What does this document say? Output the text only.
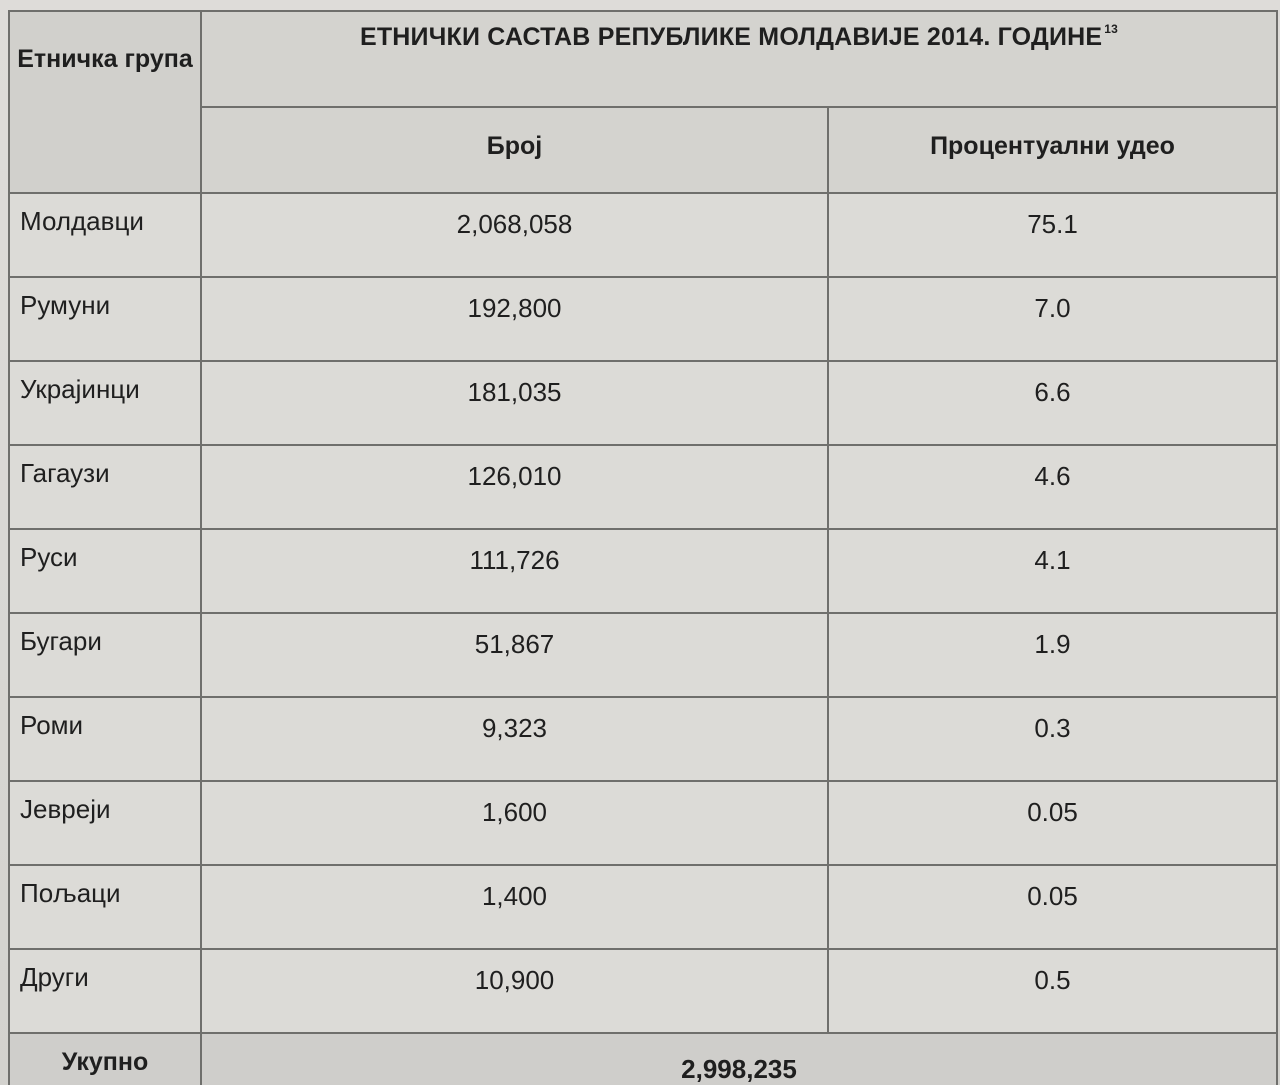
Етничка група	ЕТНИЧКИ САСТАВ РЕПУБЛИКЕ МОЛДАВИЈЕ 2014. ГОДИНЕ $^{13}$
	Број	Процентуални удео
Молдавци	2,068,058	75.1
Румуни	192,800	7.0
Украјинци	181,035	6.6
Гагаузи	126,010	4.6
Руси	111,726	4.1
Бугари	51,867	1.9
Роми	9,323	0.3
Јевреји	1,600	0.05
Пољаци	1,400	0.05
Други	10,900	0.5
Укупно	2,998,235	
